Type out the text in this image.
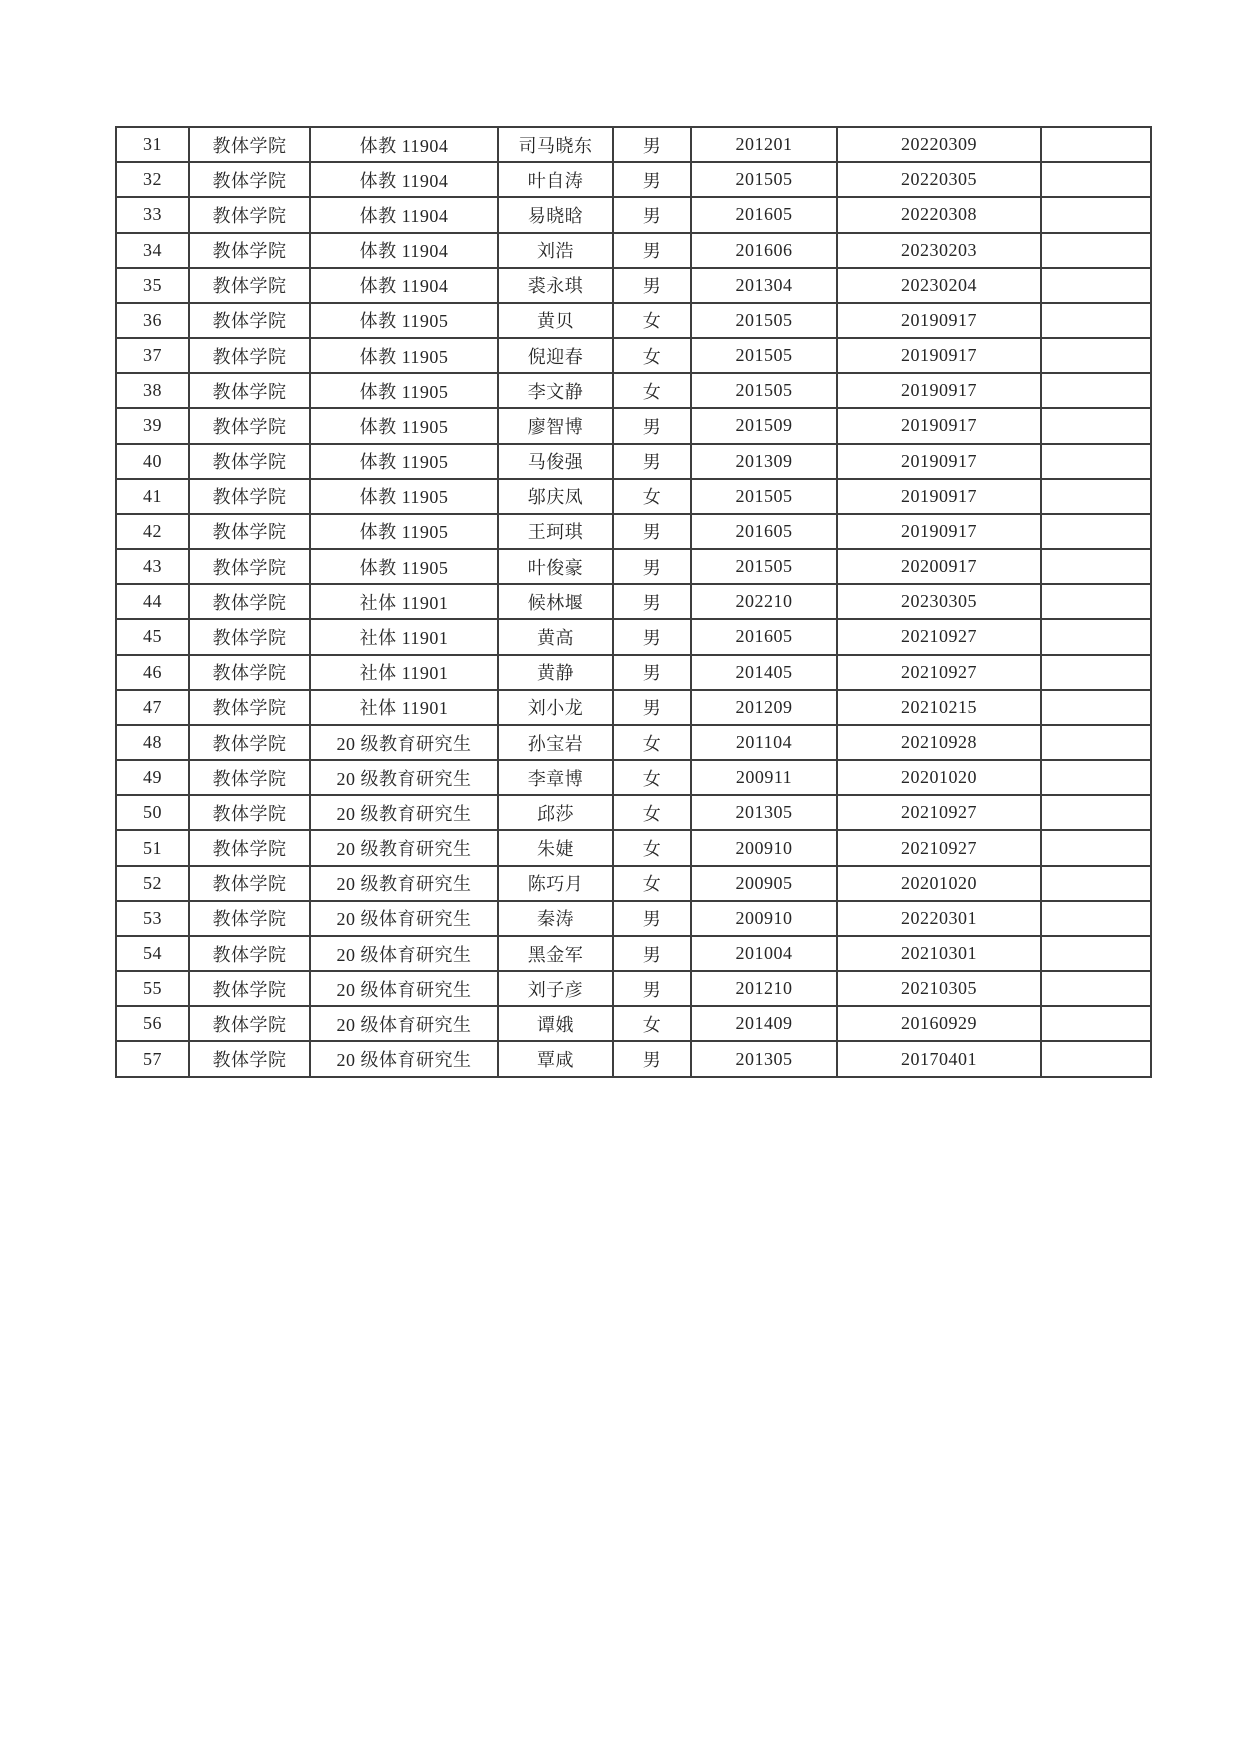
31	教体学院	体教 11904	司马晓东	男	201201	20220309	
32	教体学院	体教 11904	叶自涛	男	201505	20220305	
33	教体学院	体教 11904	易晓晗	男	201605	20220308	
34	教体学院	体教 11904	刘浩	男	201606	20230203	
35	教体学院	体教 11904	裘永琪	男	201304	20230204	
36	教体学院	体教 11905	黄贝	女	201505	20190917	
37	教体学院	体教 11905	倪迎春	女	201505	20190917	
38	教体学院	体教 11905	李文静	女	201505	20190917	
39	教体学院	体教 11905	廖智博	男	201509	20190917	
40	教体学院	体教 11905	马俊强	男	201309	20190917	
41	教体学院	体教 11905	邬庆凤	女	201505	20190917	
42	教体学院	体教 11905	王珂琪	男	201605	20190917	
43	教体学院	体教 11905	叶俊豪	男	201505	20200917	
44	教体学院	社体 11901	候林堰	男	202210	20230305	
45	教体学院	社体 11901	黄高	男	201605	20210927	
46	教体学院	社体 11901	黄静	男	201405	20210927	
47	教体学院	社体 11901	刘小龙	男	201209	20210215	
48	教体学院	20 级教育研究生	孙宝岩	女	201104	20210928	
49	教体学院	20 级教育研究生	李章博	女	200911	20201020	
50	教体学院	20 级教育研究生	邱莎	女	201305	20210927	
51	教体学院	20 级教育研究生	朱婕	女	200910	20210927	
52	教体学院	20 级教育研究生	陈巧月	女	200905	20201020	
53	教体学院	20 级体育研究生	秦涛	男	200910	20220301	
54	教体学院	20 级体育研究生	黑金军	男	201004	20210301	
55	教体学院	20 级体育研究生	刘子彦	男	201210	20210305	
56	教体学院	20 级体育研究生	谭娥	女	201409	20160929	
57	教体学院	20 级体育研究生	覃咸	男	201305	20170401	
